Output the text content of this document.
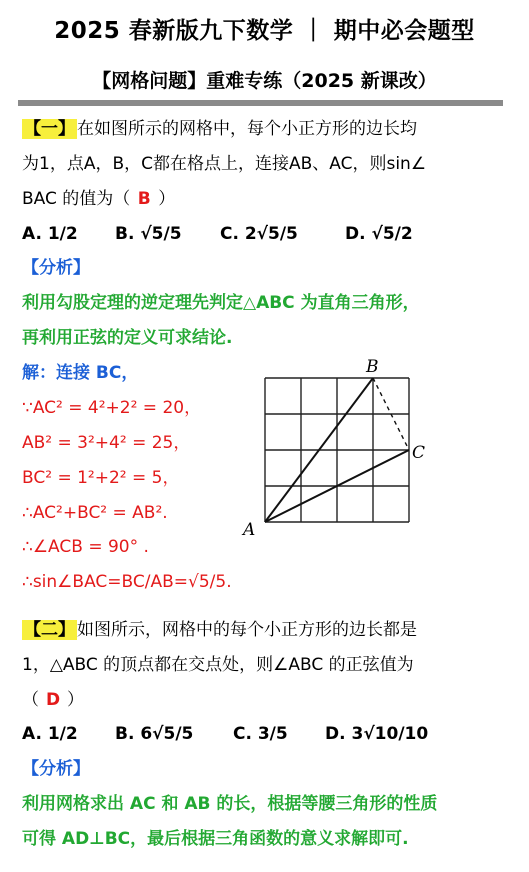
2025 春新版九下数学 ｜ 期中必会题型
【网格问题】重难专练（2025 新课改）
【一】 在如图所示的网格中，每个小正方形的边长均
为1，点A，B，C都在格点上，连接AB、AC，则sin∠
BAC 的值为（ B ）
A. 1/2 B. √5/5 C. 2√5/5	D. √5/2
【分析】
利用勾股定理的逆定理先判定△ABC 为直角三角形，
再利用正弦的定义可求结论.
解：连接 BC，
∵AC² = 4²+2² = 20，
AB² = 3²+4² = 25，
BC² = 1²+2² = 5，
∴AC²+BC² = AB².
∴∠ACB = 90° .
∴sin∠BAC=BC/AB=√5/5.
A
B
C
【二】 如图所示，网格中的每个小正方形的边长都是
1，△ABC 的顶点都在交点处，则∠ABC 的正弦值为
（ D ）
A. 1/2 B. 6√5/5 C. 3/5 D. 3√10/10
【分析】
利用网格求出 AC 和 AB 的长，根据等腰三角形的性质
可得 AD⊥BC，最后根据三角函数的意义求解即可.
